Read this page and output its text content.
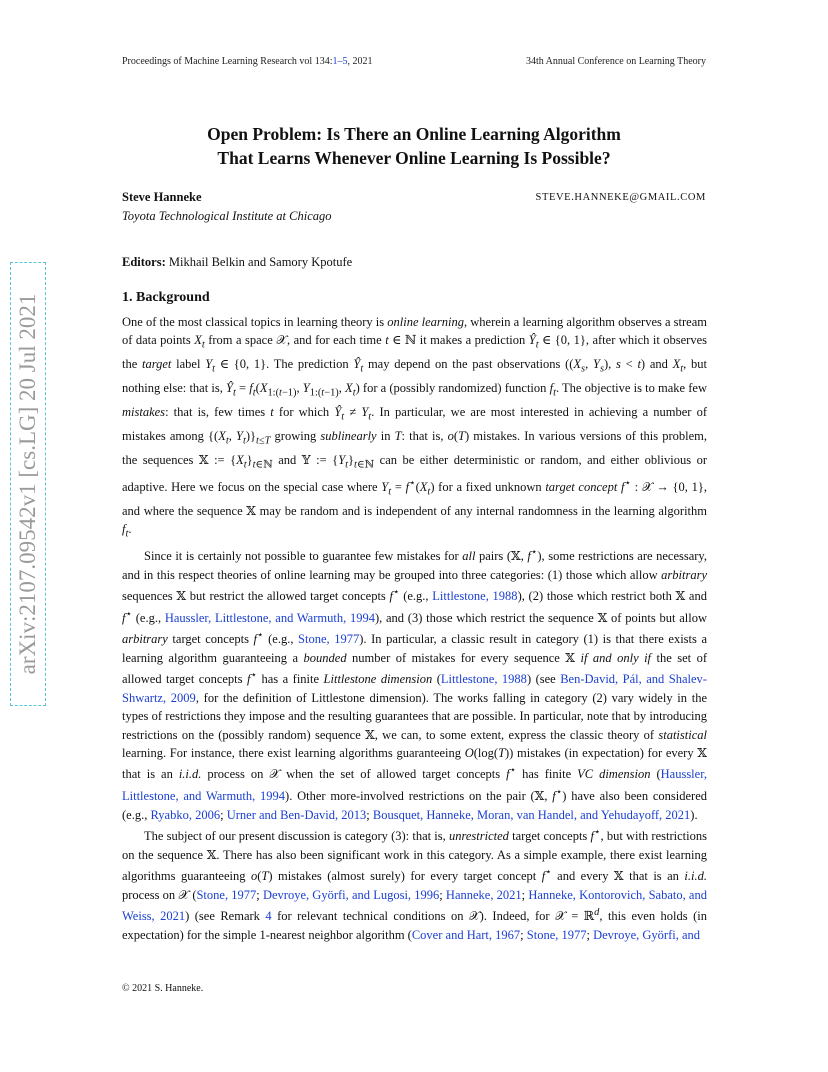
Proceedings of Machine Learning Research vol 134:1–5, 2021	34th Annual Conference on Learning Theory
Open Problem: Is There an Online Learning Algorithm
That Learns Whenever Online Learning Is Possible?
Steve Hanneke	STEVE.HANNEKE@GMAIL.COM
Toyota Technological Institute at Chicago
Editors: Mikhail Belkin and Samory Kpotufe
1. Background

One of the most classical topics in learning theory is online learning, wherein a learning algorithm observes a stream of data points $X_t$ from a space 𝒳, and for each time t ∈ ℕ it makes a prediction $Ŷ_t$ ∈ {0, 1}, after which it observes the target label $Y_t$ ∈ {0, 1}. The prediction $Ŷ_t$ may depend on the past observations (($X_s$, $Y_s$), s < t) and $X_t$, but nothing else: that is, $Ŷ_t = f_t(X_{1:(t-1)}$, $Y_{1:(t-1)}$, $X_t$) for a (possibly randomized) function $f_t$. The objective is to make few mistakes: that is, few times t for which $Ŷ_t \ne Y_t$. In particular, we are most interested in achieving a number of mistakes among {($X_t$, $Y_t)\}_{t\le T}$ growing sublinearly in T: that is, o(T) mistakes. In various versions of this problem, the sequences 𝕏 := $\{X_t\}_{t\in ℕ}$ and 𝕐 := $\{Y_t\}_{t\in ℕ}$ can be either deterministic or random, and either oblivious or adaptive. Here we focus on the special case where $Y_t = f^⋆(X_t)$ for a fixed unknown target concept f⋆ : 𝒳 → {0, 1}, and where the sequence 𝕏 may be random and is independent of any internal randomness in the learning algorithm $f_t$.

Since it is certainly not possible to guarantee few mistakes for all pairs (𝕏, f⋆), some restrictions are necessary, and in this respect theories of online learning may be grouped into three categories: (1) those which allow arbitrary sequences 𝕏 but restrict the allowed target concepts f⋆ (e.g., Littlestone, 1988), (2) those which restrict both 𝕏 and f⋆ (e.g., Haussler, Littlestone, and Warmuth, 1994), and (3) those which restrict the sequence 𝕏 of points but allow arbitrary target concepts f⋆ (e.g., Stone, 1977). In particular, a classic result in category (1) is that there exists a learning algorithm guaranteeing a bounded number of mistakes for every sequence 𝕏 if and only if the set of allowed target concepts f⋆ has a finite Littlestone dimension (Littlestone, 1988) (see Ben-David, Pál, and Shalev-Shwartz, 2009, for the definition of Littlestone dimension). The works falling in category (2) vary widely in the types of restrictions they impose and the resulting guarantees that are possible. In particular, note that by introducing restrictions on the (possibly random) sequence 𝕏, we can, to some extent, express the classic theory of statistical learning. For instance, there exist learning algorithms guaranteeing O(log(T)) mistakes (in expectation) for every 𝕏 that is an i.i.d. process on 𝒳 when the set of allowed target concepts f⋆ has finite VC dimension (Haussler, Littlestone, and Warmuth, 1994). Other more-involved restrictions on the pair (𝕏, f⋆) have also been considered (e.g., Ryabko, 2006; Urner and Ben-David, 2013; Bousquet, Hanneke, Moran, van Handel, and Yehudayoff, 2021).

The subject of our present discussion is category (3): that is, unrestricted target concepts f⋆, but with restrictions on the sequence 𝕏. There has also been significant work in this category. As a simple example, there exist learning algorithms guaranteeing o(T) mistakes (almost surely) for every target concept f⋆ and every 𝕏 that is an i.i.d. process on 𝒳 (Stone, 1977; Devroye, Györfi, and Lugosi, 1996; Hanneke, 2021; Hanneke, Kontorovich, Sabato, and Weiss, 2021) (see Remark 4 for relevant technical conditions on 𝒳). Indeed, for 𝒳 = ℝ$^d$, this even holds (in expectation) for the simple 1-nearest neighbor algorithm (Cover and Hart, 1967; Stone, 1977; Devroye, Györfi, and

© 2021 S. Hanneke.
arXiv:2107.09542v1 [cs.LG] 20 Jul 2021
